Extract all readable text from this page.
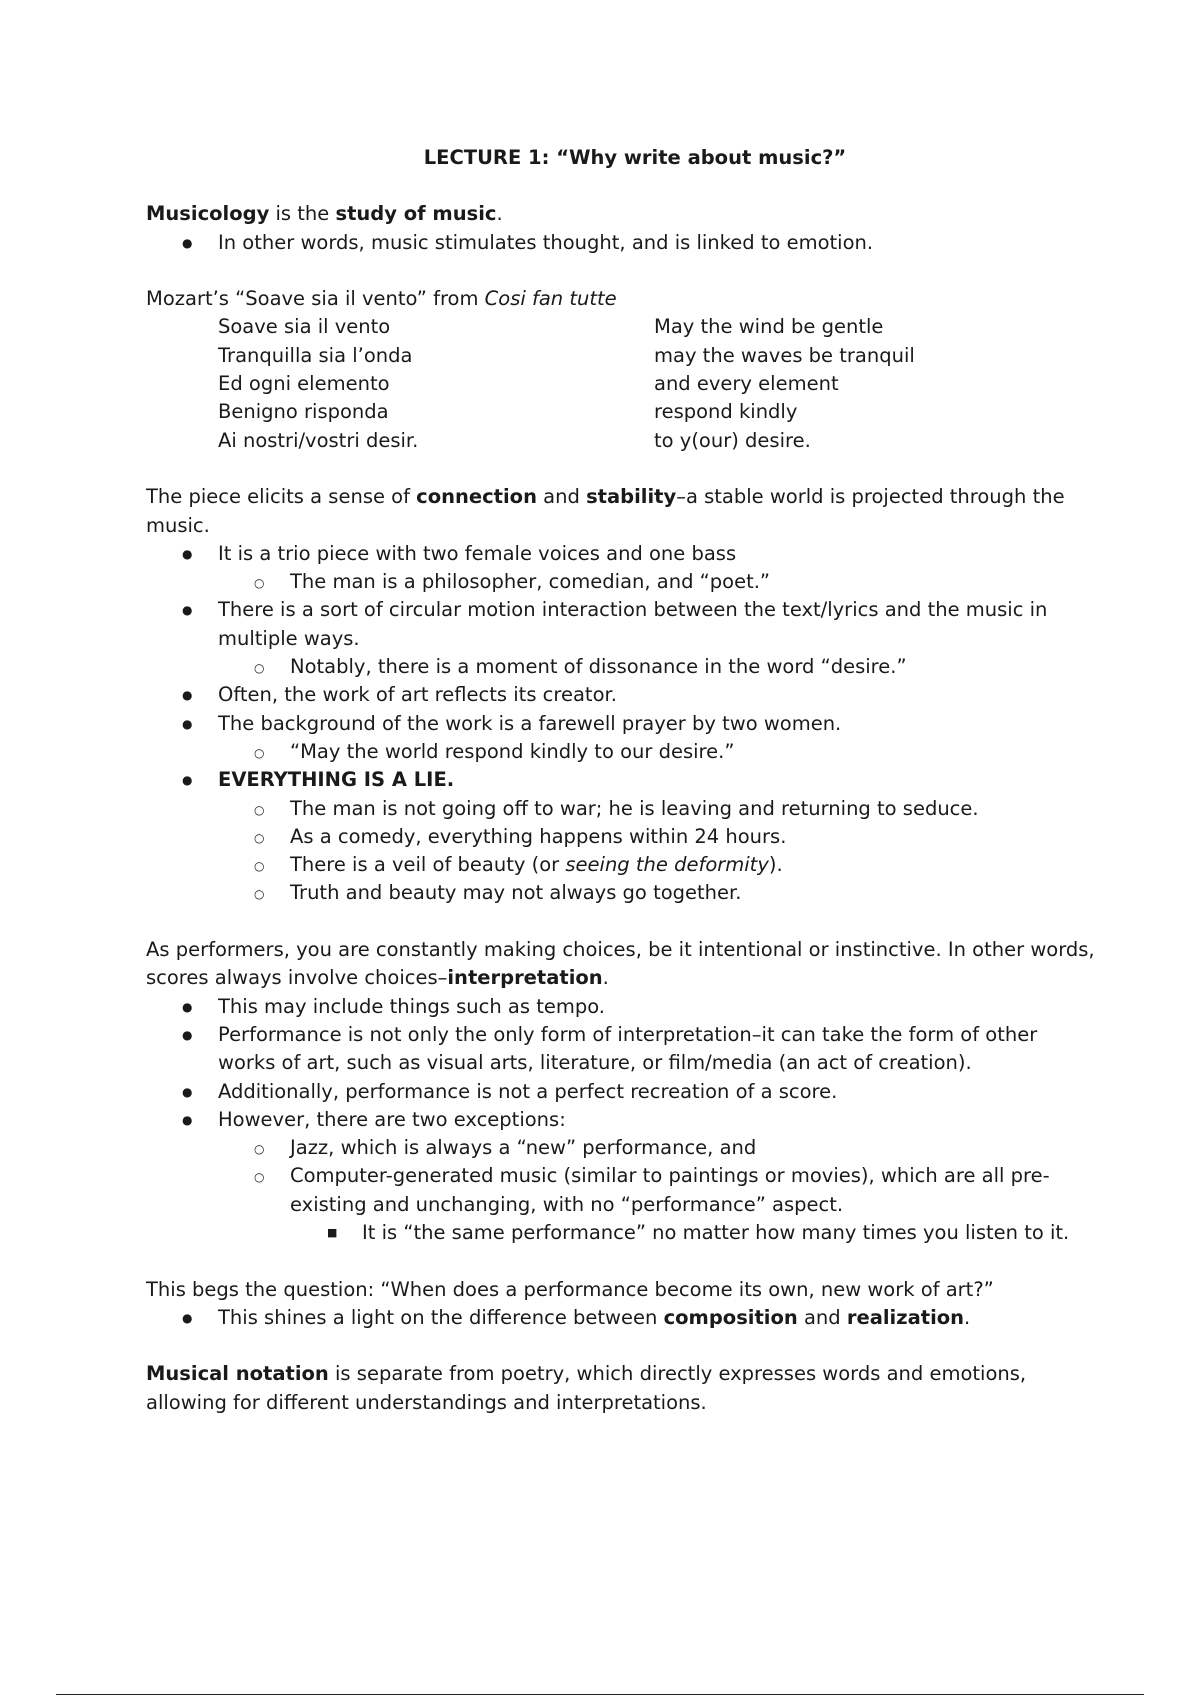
LECTURE 1: “Why write about music?”

Musicology is the study of music.

● In other words, music stimulates thought, and is linked to emotion.

Mozart’s “Soave sia il vento” from Cosi fan tutte

Soave sia il vento	May the wind be gentle
Tranquilla sia l’onda	may the waves be tranquil
Ed ogni elemento	and every element
Benigno risponda	respond kindly
Ai nostri/vostri desir.	to y(our) desire.

The piece elicits a sense of connection and stability–a stable world is projected through the music.

● It is a trio piece with two female voices and one bass
○ The man is a philosopher, comedian, and “poet.”
● There is a sort of circular motion interaction between the text/lyrics and the music in multiple ways.
○ Notably, there is a moment of dissonance in the word “desire.”
● Often, the work of art reflects its creator.
● The background of the work is a farewell prayer by two women.
○ “May the world respond kindly to our desire.”
● EVERYTHING IS A LIE.
○ The man is not going off to war; he is leaving and returning to seduce.
○ As a comedy, everything happens within 24 hours.
○ There is a veil of beauty (or seeing the deformity).
○ Truth and beauty may not always go together.

As performers, you are constantly making choices, be it intentional or instinctive. In other words, scores always involve choices–interpretation.

● This may include things such as tempo.
● Performance is not only the only form of interpretation–it can take the form of other works of art, such as visual arts, literature, or film/media (an act of creation).
● Additionally, performance is not a perfect recreation of a score.
● However, there are two exceptions:
○ Jazz, which is always a “new” performance, and
○ Computer-generated music (similar to paintings or movies), which are all pre-existing and unchanging, with no “performance” aspect.
■ It is “the same performance” no matter how many times you listen to it.

This begs the question: “When does a performance become its own, new work of art?”

● This shines a light on the difference between composition and realization.

Musical notation is separate from poetry, which directly expresses words and emotions, allowing for different understandings and interpretations.
